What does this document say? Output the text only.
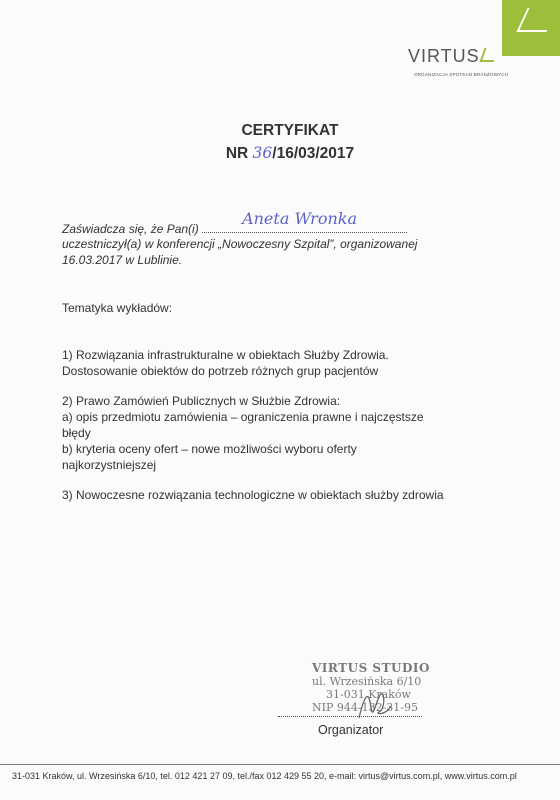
VIRTUS
ORGANIZACJA SPOTKAŃ BRANŻOWYCH
CERTYFIKAT
NR 36/16/03/2017
Zaświadcza się, że Pan(i)
Aneta Wronka
uczestniczył(a) w konferencji „Nowoczesny Szpital”, organizowanej
16.03.2017 w Lublinie.
Tematyka wykładów:
1) Rozwiązania infrastrukturalne w obiektach Służby Zdrowia.
Dostosowanie obiektów do potrzeb różnych grup pacjentów
2) Prawo Zamówień Publicznych w Służbie Zdrowia:
a) opis przedmiotu zamówienia – ograniczenia prawne i najczęstsze
błędy
b) kryteria oceny ofert – nowe możliwości wyboru oferty
najkorzystniejszej
3) Nowoczesne rozwiązania technologiczne w obiektach służby zdrowia
VIRTUS STUDIO
ul. Wrzesińska 6/10
31-031 Kraków
NIP 944-132-31-95
Organizator
31-031 Kraków, ul. Wrzesińska 6/10, tel. 012 421 27 09, tel./fax 012 429 55 20, e-mail: virtus@virtus.com.pl, www.virtus.com.pl
